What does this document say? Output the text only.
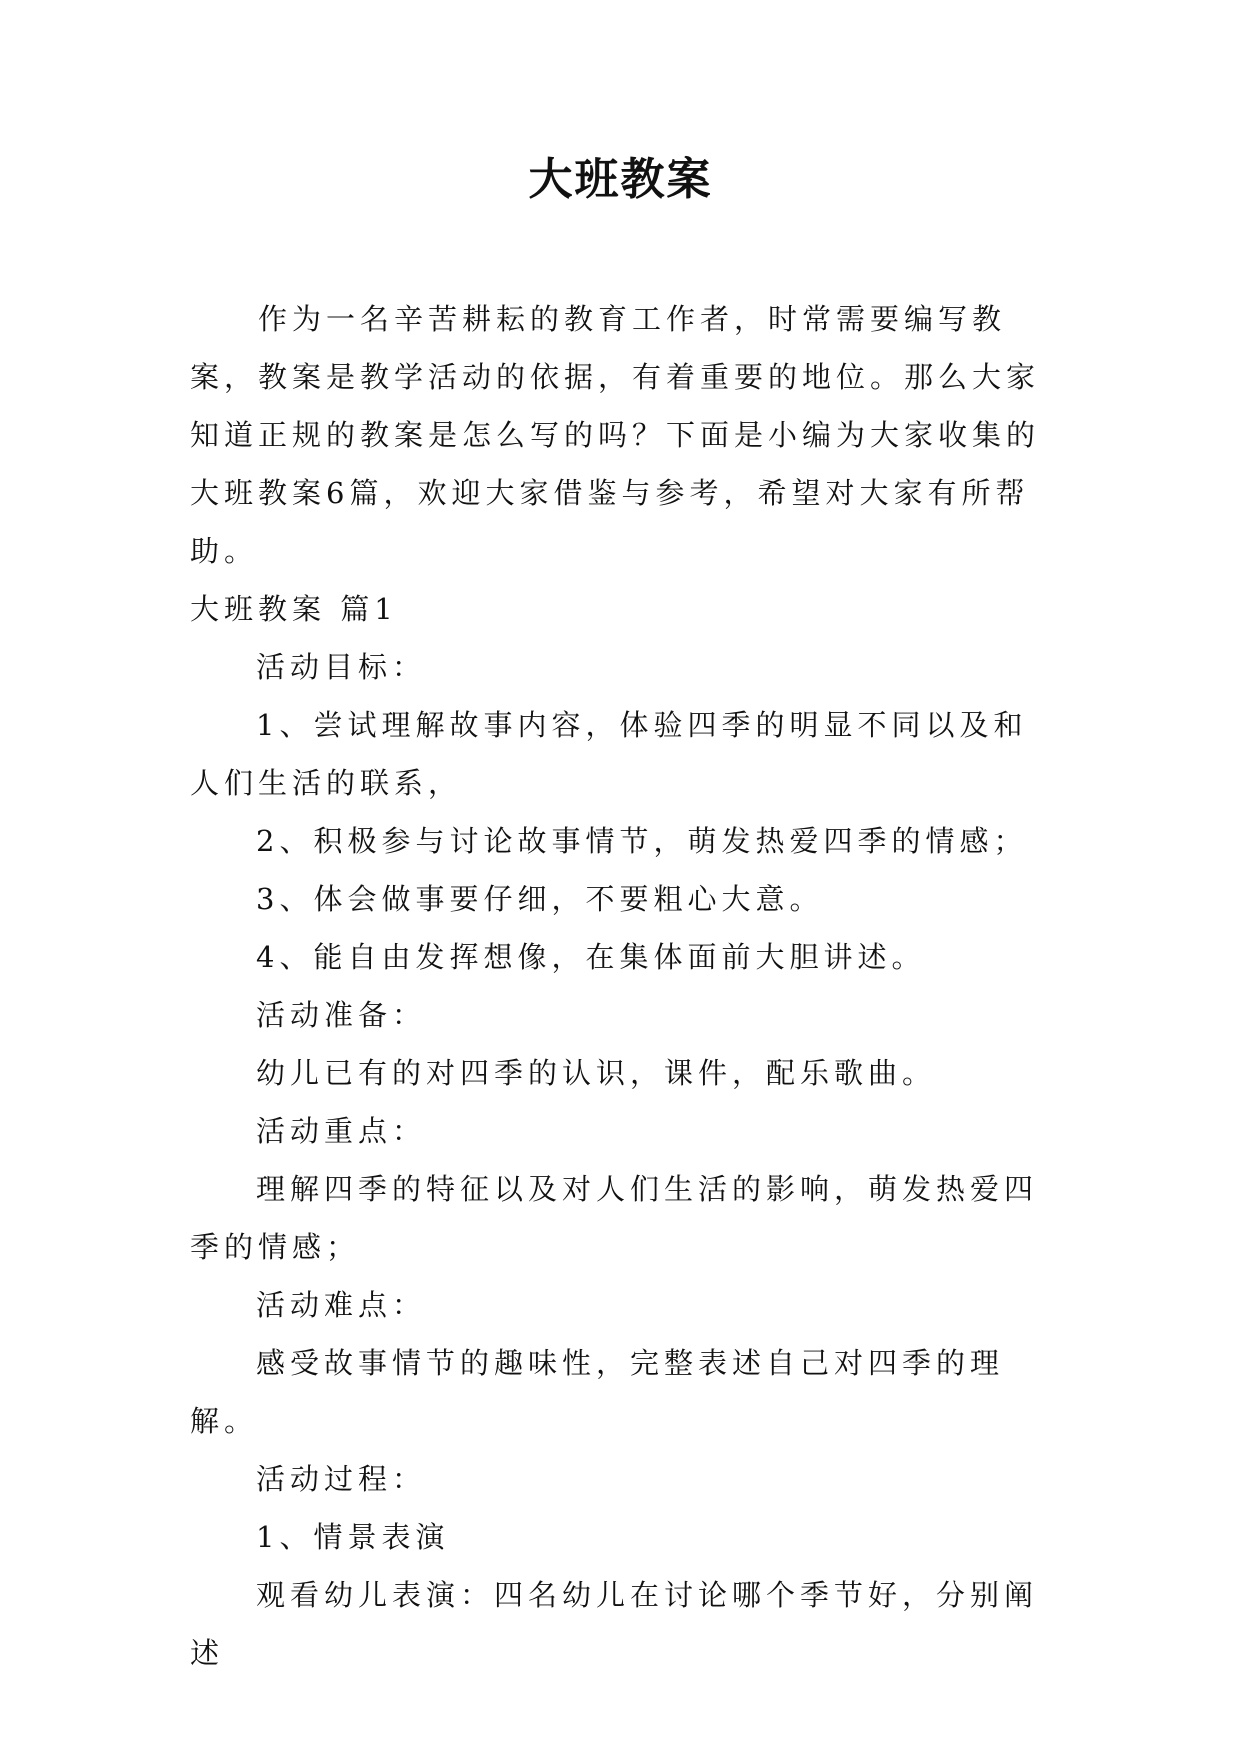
大班教案

作为一名辛苦耕耘的教育工作者，时常需要编写教案，教案是教学活动的依据，有着重要的地位。那么大家知道正规的教案是怎么写的吗？下面是小编为大家收集的大班教案6篇，欢迎大家借鉴与参考，希望对大家有所帮助。

大班教案 篇1

活动目标：

1、尝试理解故事内容，体验四季的明显不同以及和人们生活的联系，

2、积极参与讨论故事情节，萌发热爱四季的情感；

3、体会做事要仔细，不要粗心大意。

4、能自由发挥想像，在集体面前大胆讲述。

活动准备：

幼儿已有的对四季的认识，课件，配乐歌曲。

活动重点：

理解四季的特征以及对人们生活的影响，萌发热爱四季的情感；

活动难点：

感受故事情节的趣味性，完整表述自己对四季的理解。

活动过程：

1、情景表演

观看幼儿表演：四名幼儿在讨论哪个季节好，分别阐述
